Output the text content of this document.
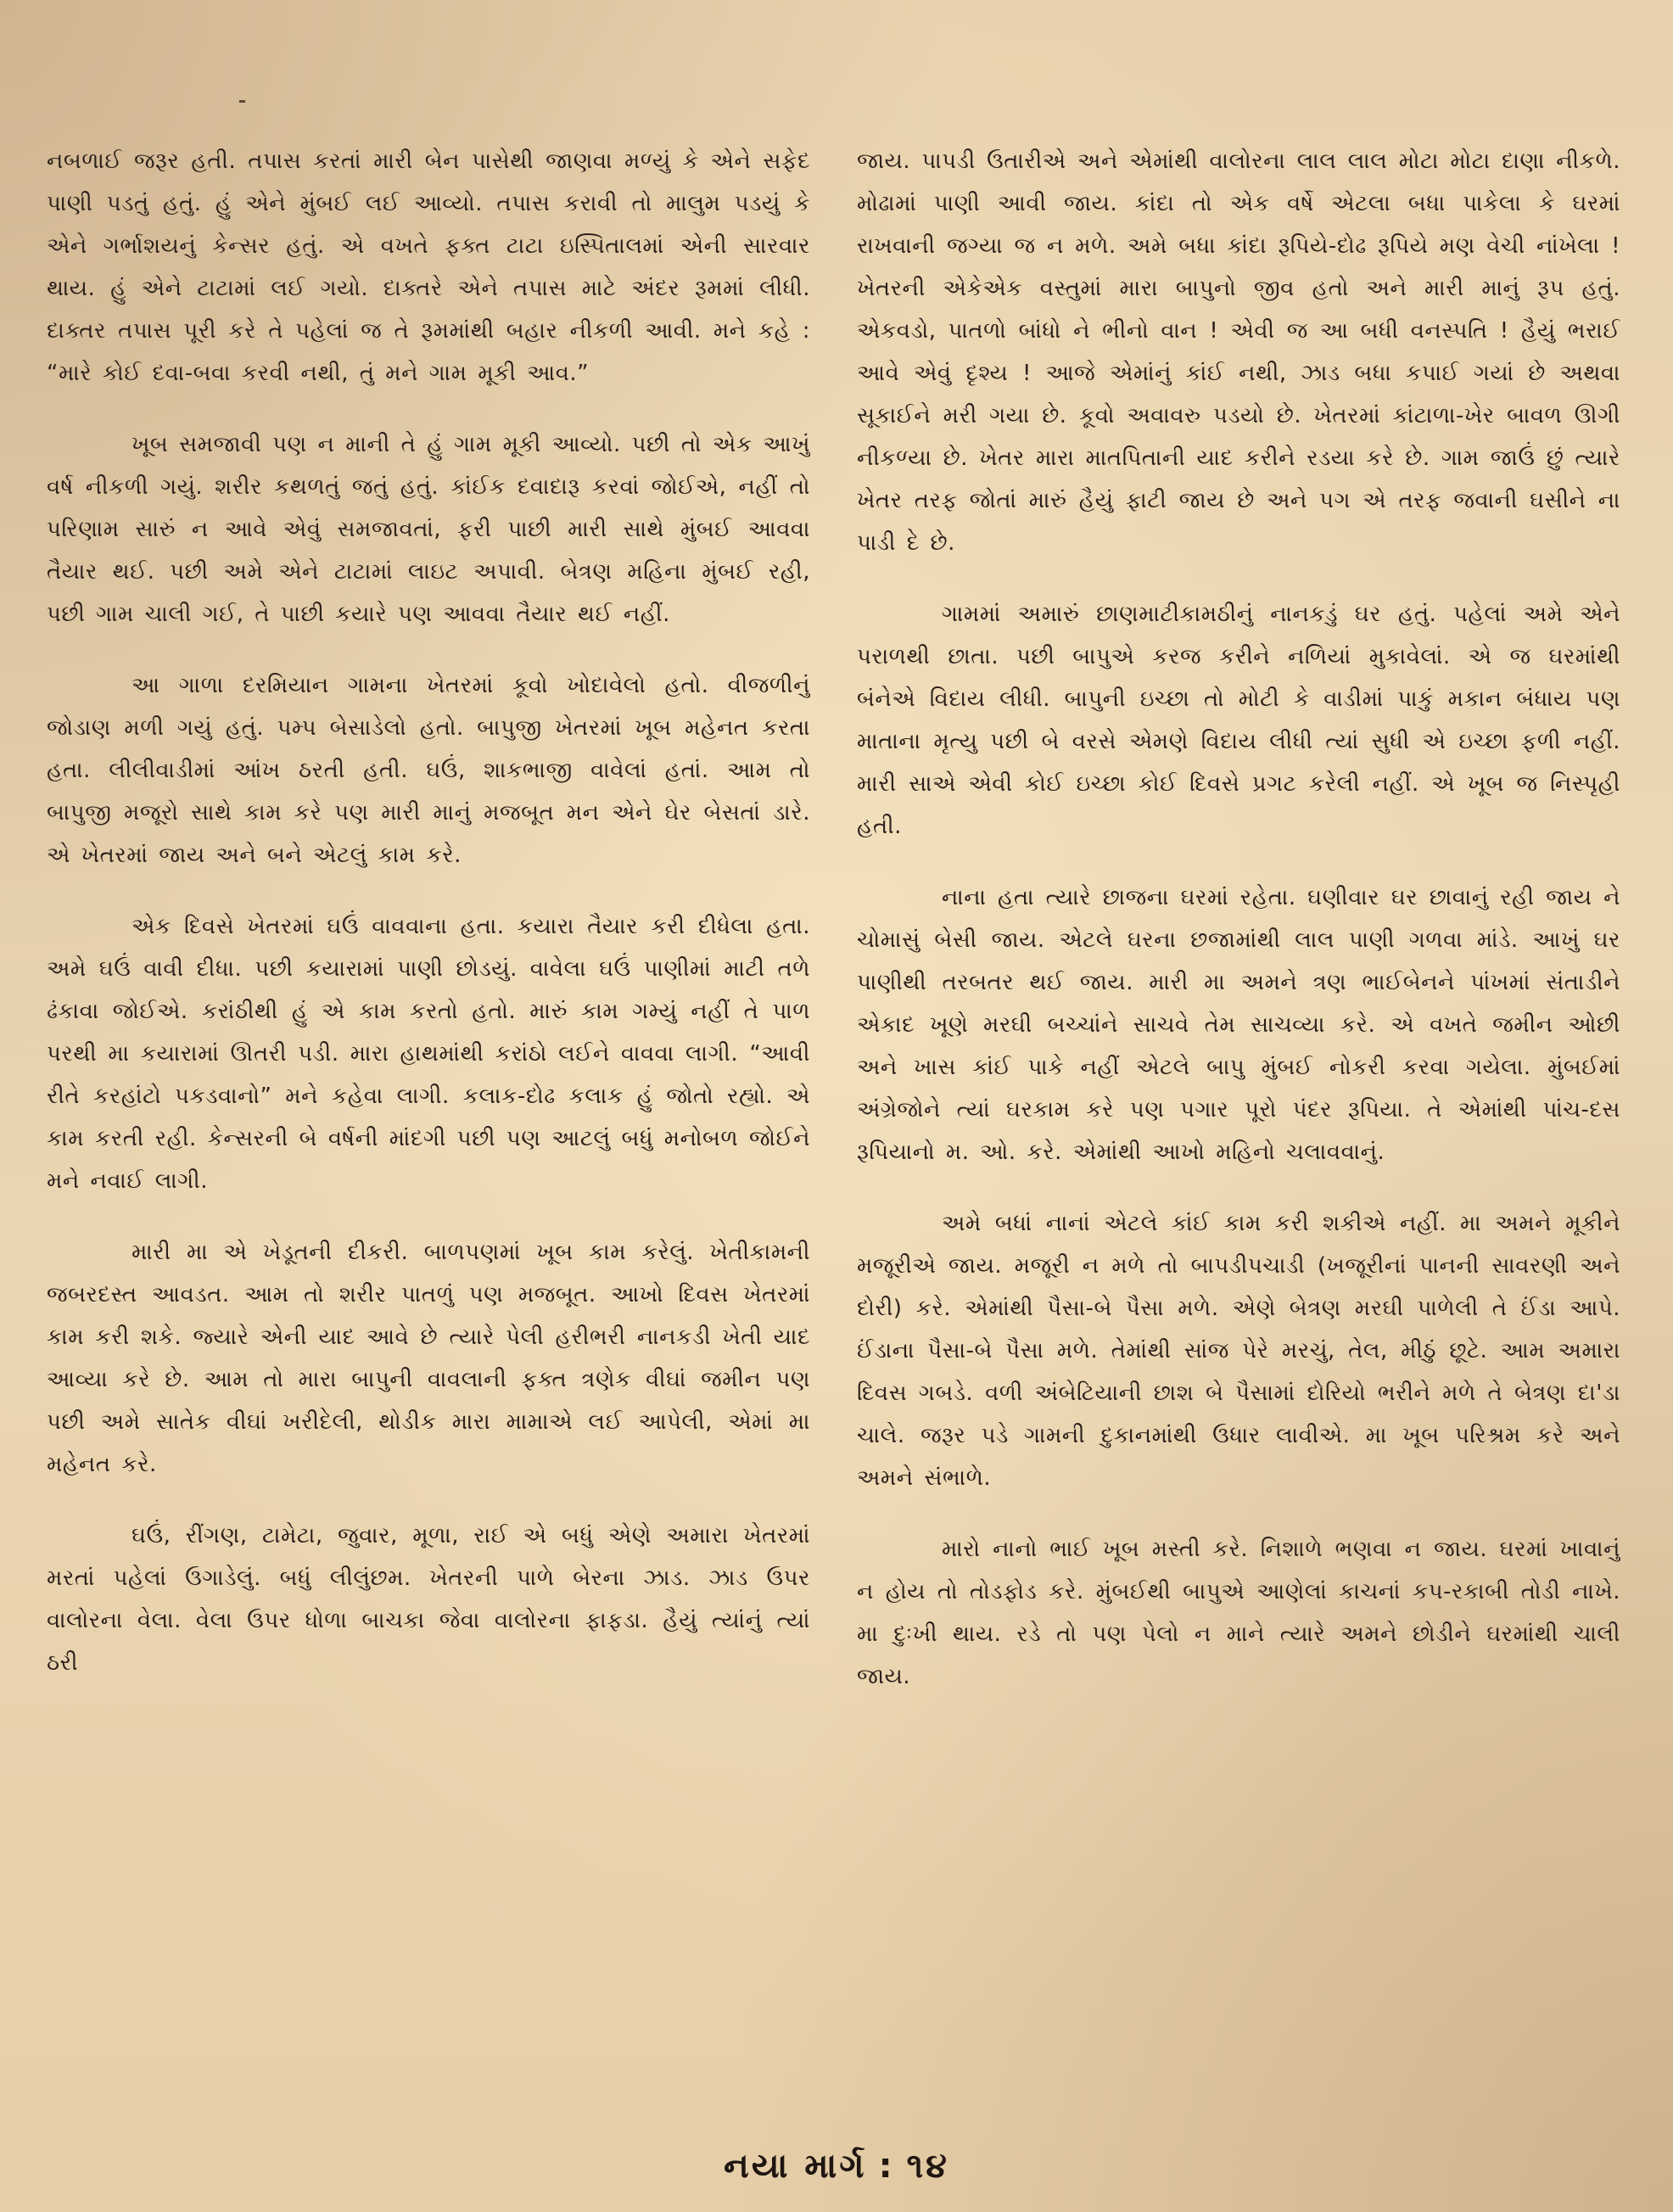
નબળાઈ જરૂર હતી. તપાસ કરતાં મારી બેન પાસેથી જાણવા મળ્યું કે એને સફેદ પાણી પડતું હતું. હું એને મુંબઈ લઈ આવ્યો. તપાસ કરાવી તો માલુમ પડયું કે એને ગર્ભાશયનું કેન્સર હતું. એ વખતે ફક્ત ટાટા ઇસ્પિતાલમાં એની સારવાર થાય. હું એને ટાટામાં લઈ ગયો. દાક્તરે એને તપાસ માટે અંદર રૂમમાં લીધી. દાક્તર તપાસ પૂરી કરે તે પહેલાં જ તે રૂમમાંથી બહાર નીકળી આવી. મને કહે : “મારે કોઈ દવા-બવા કરવી નથી, તું મને ગામ મૂકી આવ.”

ખૂબ સમજાવી પણ ન માની તે હું ગામ મૂકી આવ્યો. પછી તો એક આખું વર્ષ નીકળી ગયું. શરીર કથળતું જતું હતું. કાંઈક દવાદારૂ કરવાં જોઈએ, નહીં તો પરિણામ સારું ન આવે એવું સમજાવતાં, ફરી પાછી મારી સાથે મુંબઈ આવવા તૈયાર થઈ. પછી અમે એને ટાટામાં લાઇટ અપાવી. બેત્રણ મહિના મુંબઈ રહી, પછી ગામ ચાલી ગઈ, તે પાછી કયારે પણ આવવા તૈયાર થઈ નહીં.

આ ગાળા દરમિયાન ગામના ખેતરમાં કૂવો ખોદાવેલો હતો. વીજળીનું જોડાણ મળી ગયું હતું. પમ્પ બેસાડેલો હતો. બાપુજી ખેતરમાં ખૂબ મહેનત કરતા હતા. લીલીવાડીમાં આંખ ઠરતી હતી. ઘઉં, શાકભાજી વાવેલાં હતાં. આમ તો બાપુજી મજૂરો સાથે કામ કરે પણ મારી માનું મજબૂત મન એને ઘેર બેસતાં ડારે. એ ખેતરમાં જાય અને બને એટલું કામ કરે.

એક દિવસે ખેતરમાં ઘઉં વાવવાના હતા. કયારા તૈયાર કરી દીધેલા હતા. અમે ઘઉં વાવી દીધા. પછી કયારામાં પાણી છોડયું. વાવેલા ઘઉં પાણીમાં માટી તળે ઢંકાવા જોઈએ. કરાંઠીથી હું એ કામ કરતો હતો. મારું કામ ગમ્યું નહીં તે પાળ પરથી મા કયારામાં ઊતરી પડી. મારા હાથમાંથી કરાંઠો લઈને વાવવા લાગી. “આવી રીતે કરહાંટો પકડવાનો” મને કહેવા લાગી. કલાક-દોઢ કલાક હું જોતો રહ્યો. એ કામ કરતી રહી. કેન્સરની બે વર્ષની માંદગી પછી પણ આટલું બધું મનોબળ જોઈને મને નવાઈ લાગી.

મારી મા એ ખેડૂતની દીકરી. બાળપણમાં ખૂબ કામ કરેલું. ખેતીકામની જબરદસ્ત આવડત. આમ તો શરીર પાતળું પણ મજબૂત. આખો દિવસ ખેતરમાં કામ કરી શકે. જ્યારે એની યાદ આવે છે ત્યારે પેલી હરીભરી નાનકડી ખેતી યાદ આવ્યા કરે છે. આમ તો મારા બાપુની વાવલાની ફક્ત ત્રણેક વીઘાં જમીન પણ પછી અમે સાતેક વીઘાં ખરીદેલી, થોડીક મારા મામાએ લઈ આપેલી, એમાં મા મહેનત કરે.

ઘઉં, રીંગણ, ટામેટા, જુવાર, મૂળા, રાઈ એ બધું એણે અમારા ખેતરમાં મરતાં પહેલાં ઉગાડેલું. બધું લીલુંછમ. ખેતરની પાળે બેરના ઝાડ. ઝાડ ઉપર વાલોરના વેલા. વેલા ઉપર ધોળા બાચકા જેવા વાલોરના ફાફડા. હૈયું ત્યાંનું ત્યાં ઠરી

જાય. પાપડી ઉતારીએ અને એમાંથી વાલોરના લાલ લાલ મોટા મોટા દાણા નીકળે. મોઢામાં પાણી આવી જાય. કાંદા તો એક વર્ષે એટલા બધા પાકેલા કે ઘરમાં રાખવાની જગ્યા જ ન મળે. અમે બધા કાંદા રૂપિયે-દોઢ રૂપિયે મણ વેચી નાંખેલા ! ખેતરની એકેએક વસ્તુમાં મારા બાપુનો જીવ હતો અને મારી માનું રૂપ હતું. એકવડો, પાતળો બાંધો ને ભીનો વાન ! એવી જ આ બધી વનસ્પતિ ! હૈયું ભરાઈ આવે એવું દૃશ્ય ! આજે એમાંનું કાંઈ નથી, ઝાડ બધા કપાઈ ગયાં છે અથવા સૂકાઈને મરી ગયા છે. કૂવો અવાવરુ પડયો છે. ખેતરમાં કાંટાળા-ખેર બાવળ ઊગી નીકળ્યા છે. ખેતર મારા માતપિતાની યાદ કરીને રડયા કરે છે. ગામ જાઉં છું ત્યારે ખેતર તરફ જોતાં મારું હૈયું ફાટી જાય છે અને પગ એ તરફ જવાની ઘસીને ના પાડી દે છે.

ગામમાં અમારું છાણમાટીકામઠીનું નાનકડું ઘર હતું. પહેલાં અમે એને પરાળથી છાતા. પછી બાપુએ કરજ કરીને નળિયાં મુકાવેલાં. એ જ ઘરમાંથી બંનેએ વિદાય લીધી. બાપુની ઇચ્છા તો મોટી કે વાડીમાં પાકું મકાન બંધાય પણ માતાના મૃત્યુ પછી બે વરસે એમણે વિદાય લીધી ત્યાં સુધી એ ઇચ્છા ફળી નહીં. મારી સાએ એવી કોઈ ઇચ્છા કોઈ દિવસે પ્રગટ કરેલી નહીં. એ ખૂબ જ નિસ્પૃહી હતી.

નાના હતા ત્યારે છાજના ઘરમાં રહેતા. ઘણીવાર ઘર છાવાનું રહી જાય ને ચોમાસું બેસી જાય. એટલે ઘરના છજામાંથી લાલ પાણી ગળવા માંડે. આખું ઘર પાણીથી તરબતર થઈ જાય. મારી મા અમને ત્રણ ભાઈબેનને પાંખમાં સંતાડીને એકાદ ખૂણે મરઘી બચ્ચાંને સાચવે તેમ સાચવ્યા કરે. એ વખતે જમીન ઓછી અને ખાસ કાંઈ પાકે નહીં એટલે બાપુ મુંબઈ નોકરી કરવા ગયેલા. મુંબઈમાં અંગ્રેજોને ત્યાં ઘરકામ કરે પણ પગાર પૂરો પંદર રૂપિયા. તે એમાંથી પાંચ-દસ રૂપિયાનો મ. ઓ. કરે. એમાંથી આખો મહિનો ચલાવવાનું.

અમે બધાં નાનાં એટલે કાંઈ કામ કરી શકીએ નહીં. મા અમને મૂકીને મજૂરીએ જાય. મજૂરી ન મળે તો બાપડીપચાડી (ખજૂરીનાં પાનની સાવરણી અને દોરી) કરે. એમાંથી પૈસા-બે પૈસા મળે. એણે બેત્રણ મરઘી પાળેલી તે ઈંડા આપે. ઈંડાના પૈસા-બે પૈસા મળે. તેમાંથી સાંજ પેરે મરચું, તેલ, મીઠું છૂટે. આમ અમારા દિવસ ગબડે. વળી અંબેટિયાની છાશ બે પૈસામાં દોરિયો ભરીને મળે તે બેત્રણ દા'ડા ચાલે. જરૂર પડે ગામની દુકાનમાંથી ઉધાર લાવીએ. મા ખૂબ પરિશ્રમ કરે અને અમને સંભાળે.

મારો નાનો ભાઈ ખૂબ મસ્તી કરે. નિશાળે ભણવા ન જાય. ઘરમાં ખાવાનું ન હોય તો તોડફોડ કરે. મુંબઈથી બાપુએ આણેલાં કાચનાં કપ-રકાબી તોડી નાખે. મા દુઃખી થાય. રડે તો પણ પેલો ન માને ત્યારે અમને છોડીને ઘરમાંથી ચાલી જાય.

નયા માર્ગ : ૧૪
